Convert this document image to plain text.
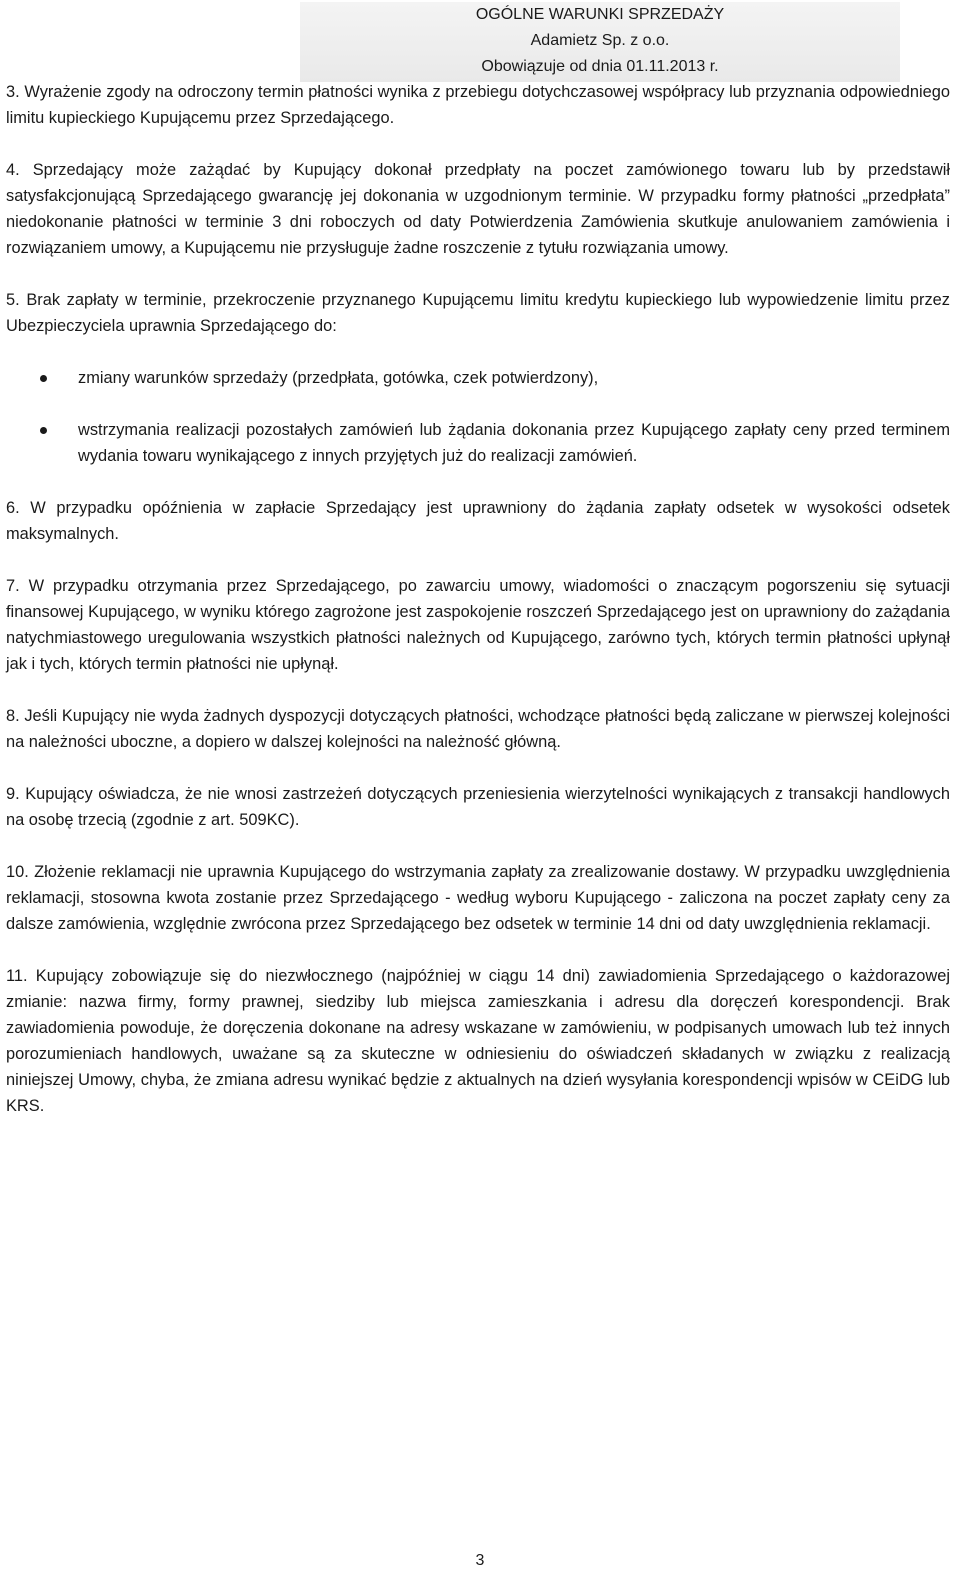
OGÓLNE WARUNKI SPRZEDAŻY
Adamietz Sp. z o.o.
Obowiązuje od dnia 01.11.2013 r.

3. Wyrażenie zgody na odroczony termin płatności wynika z przebiegu dotychczasowej współpracy lub przyznania odpowiedniego limitu kupieckiego Kupującemu przez Sprzedającego.

4. Sprzedający może zażądać by Kupujący dokonał przedpłaty na poczet zamówionego towaru lub by przedstawił satysfakcjonującą Sprzedającego gwarancję jej dokonania w uzgodnionym terminie. W przypadku formy płatności „przedpłata” niedokonanie płatności w terminie 3 dni roboczych od daty Potwierdzenia Zamówienia skutkuje anulowaniem zamówienia i rozwiązaniem umowy, a Kupującemu nie przysługuje żadne roszczenie z tytułu rozwiązania umowy.

5. Brak zapłaty w terminie, przekroczenie przyznanego Kupującemu limitu kredytu kupieckiego lub wypowiedzenie limitu przez Ubezpieczyciela uprawnia Sprzedającego do:

zmiany warunków sprzedaży (przedpłata, gotówka, czek potwierdzony),
wstrzymania realizacji pozostałych zamówień lub żądania dokonania przez Kupującego zapłaty ceny przed terminem wydania towaru wynikającego z innych przyjętych już do realizacji zamówień.

6. W przypadku opóźnienia w zapłacie Sprzedający jest uprawniony do żądania zapłaty odsetek w wysokości odsetek maksymalnych.

7. W przypadku otrzymania przez Sprzedającego, po zawarciu umowy, wiadomości o znaczącym pogorszeniu się sytuacji finansowej Kupującego, w wyniku którego zagrożone jest zaspokojenie roszczeń Sprzedającego jest on uprawniony do zażądania natychmiastowego uregulowania wszystkich płatności należnych od Kupującego, zarówno tych, których termin płatności upłynął jak i tych, których termin płatności nie upłynął.

8. Jeśli Kupujący nie wyda żadnych dyspozycji dotyczących płatności, wchodzące płatności będą zaliczane w pierwszej kolejności na należności uboczne, a dopiero w dalszej kolejności na należność główną.

9. Kupujący oświadcza, że nie wnosi zastrzeżeń dotyczących przeniesienia wierzytelności wynikających z transakcji handlowych na osobę trzecią (zgodnie z art. 509KC).

10. Złożenie reklamacji nie uprawnia Kupującego do wstrzymania zapłaty za zrealizowanie dostawy. W przypadku uwzględnienia reklamacji, stosowna kwota zostanie przez Sprzedającego - według wyboru Kupującego - zaliczona na poczet zapłaty ceny za dalsze zamówienia, względnie zwrócona przez Sprzedającego bez odsetek w terminie 14 dni od daty uwzględnienia reklamacji.

11. Kupujący zobowiązuje się do niezwłocznego (najpóźniej w ciągu 14 dni) zawiadomienia Sprzedającego o każdorazowej zmianie: nazwa firmy, formy prawnej, siedziby lub miejsca zamieszkania i adresu dla doręczeń korespondencji. Brak zawiadomienia powoduje, że doręczenia dokonane na adresy wskazane w zamówieniu, w podpisanych umowach lub też innych porozumieniach handlowych, uważane są za skuteczne w odniesieniu do oświadczeń składanych w związku z realizacją niniejszej Umowy, chyba, że zmiana adresu wynikać będzie z aktualnych na dzień wysyłania korespondencji wpisów w CEiDG lub KRS.

3
